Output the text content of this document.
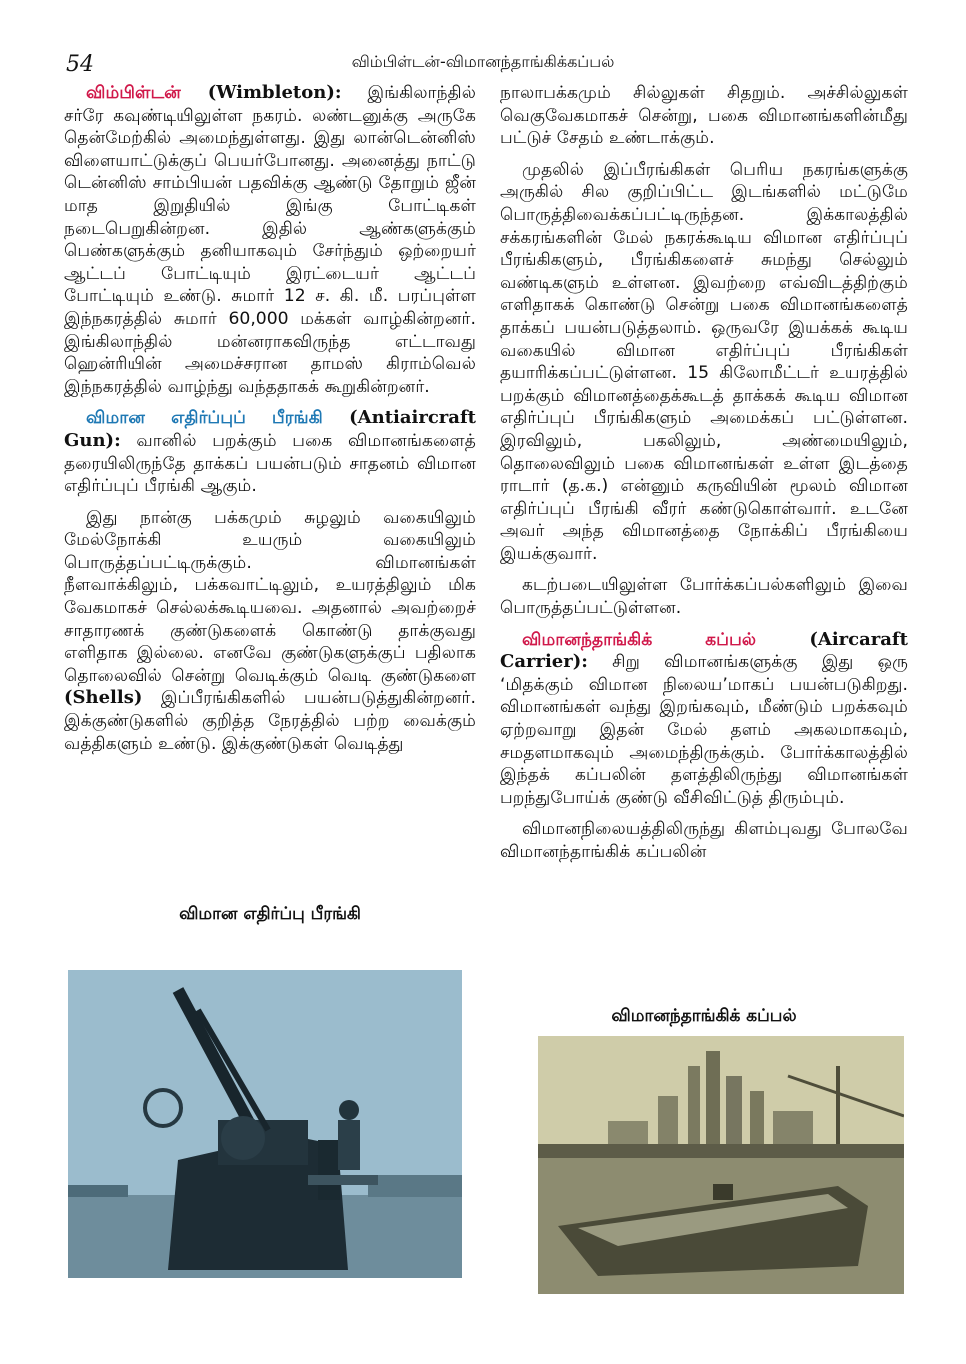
54	விம்பிள்டன்-விமானந்தாங்கிக்கப்பல்

விம்பிள்டன் (Wimbleton): இங்கிலாந்தில் சர்ரே கவுண்டியிலுள்ள நகரம். லண்டனுக்கு அருகே தென்மேற்கில் அமைந்துள்ளது. இது லான்டென்னிஸ் விளையாட்டுக்குப் பெயர்போனது. அனைத்து நாட்டு டென்னிஸ் சாம்பியன் பதவிக்கு ஆண்டு தோறும் ஜீன் மாத இறுதியில் இங்கு போட்டிகள் நடைபெறுகின்றன. இதில் ஆண்களுக்கும் பெண்களுக்கும் தனியாகவும் சேர்ந்தும் ஒற்றையர் ஆட்டப் போட்டியும் இரட்டையர் ஆட்டப் போட்டியும் உண்டு. சுமார் 12 ச. கி. மீ. பரப்புள்ள இந்நகரத்தில் சுமார் 60,000 மக்கள் வாழ்கின்றனர். இங்கிலாந்தில் மன்னராகவிருந்த எட்டாவது ஹென்ரியின் அமைச்சரான தாமஸ் கிராம்வெல் இந்நகரத்தில் வாழ்ந்து வந்ததாகக் கூறுகின்றனர்.

விமான எதிர்ப்புப் பீரங்கி (Antiaircraft Gun): வானில் பறக்கும் பகை விமானங்களைத் தரையிலிருந்தே தாக்கப் பயன்படும் சாதனம் விமான எதிர்ப்புப் பீரங்கி ஆகும்.

இது நான்கு பக்கமும் சுழலும் வகையிலும் மேல்நோக்கி உயரும் வகையிலும் பொருத்தப்பட்டிருக்கும். விமானங்கள் நீளவாக்கிலும், பக்கவாட்டிலும், உயரத்திலும் மிக வேகமாகச் செல்லக்கூடியவை. அதனால் அவற்றைச் சாதாரணக் குண்டுகளைக் கொண்டு தாக்குவது எளிதாக இல்லை. எனவே குண்டுகளுக்குப் பதிலாக தொலைவில் சென்று வெடிக்கும் வெடி குண்டுகளை (Shells) இப்பீரங்கிகளில் பயன்படுத்துகின்றனர். இக்குண்டுகளில் குறித்த நேரத்தில் பற்ற வைக்கும் வத்திகளும் உண்டு. இக்குண்டுகள் வெடித்து

விமான எதிர்ப்பு பீரங்கி

நாலாபக்கமும் சில்லுகள் சிதறும். அச்சில்லுகள் வெகுவேகமாகச் சென்று, பகை விமானங்களின்மீது பட்டுச் சேதம் உண்டாக்கும்.

முதலில் இப்பீரங்கிகள் பெரிய நகரங்களுக்கு அருகில் சில குறிப்பிட்ட இடங்களில் மட்டுமே பொருத்திவைக்கப்பட்டிருந்தன. இக்காலத்தில் சக்கரங்களின் மேல் நகரக்கூடிய விமான எதிர்ப்புப் பீரங்கிகளும், பீரங்கிகளைச் சுமந்து செல்லும் வண்டிகளும் உள்ளன. இவற்றை எவ்விடத்திற்கும் எளிதாகக் கொண்டு சென்று பகை விமானங்களைத் தாக்கப் பயன்படுத்தலாம். ஒருவரே இயக்கக் கூடிய வகையில் விமான எதிர்ப்புப் பீரங்கிகள் தயாரிக்கப்பட்டுள்ளன. 15 கிலோமீட்டர் உயரத்தில் பறக்கும் விமானத்தைக்கூடத் தாக்கக் கூடிய விமான எதிர்ப்புப் பீரங்கிகளும் அமைக்கப் பட்டுள்ளன. இரவிலும், பகலிலும், அண்மையிலும், தொலைவிலும் பகை விமானங்கள் உள்ள இடத்தை ராடார் (த.க.) என்னும் கருவியின் மூலம் விமான எதிர்ப்புப் பீரங்கி வீரர் கண்டுகொள்வார். உடனே அவர் அந்த விமானத்தை நோக்கிப் பீரங்கியை இயக்குவார்.

கடற்படையிலுள்ள போர்க்கப்பல்களிலும் இவை பொருத்தப்பட்டுள்ளன.

விமானந்தாங்கிக் கப்பல் (Aircaraft Carrier): சிறு விமானங்களுக்கு இது ஒரு ‘மிதக்கும் விமான நிலைய’மாகப் பயன்படுகிறது. விமானங்கள் வந்து இறங்கவும், மீண்டும் பறக்கவும் ஏற்றவாறு இதன் மேல் தளம் அகலமாகவும், சமதளமாகவும் அமைந்திருக்கும். போர்க்காலத்தில் இந்தக் கப்பலின் தளத்திலிருந்து விமானங்கள் பறந்துபோய்க் குண்டு வீசிவிட்டுத் திரும்பும்.

விமானநிலையத்திலிருந்து கிளம்புவது போலவே விமானந்தாங்கிக் கப்பலின்

விமானந்தாங்கிக் கப்பல்
